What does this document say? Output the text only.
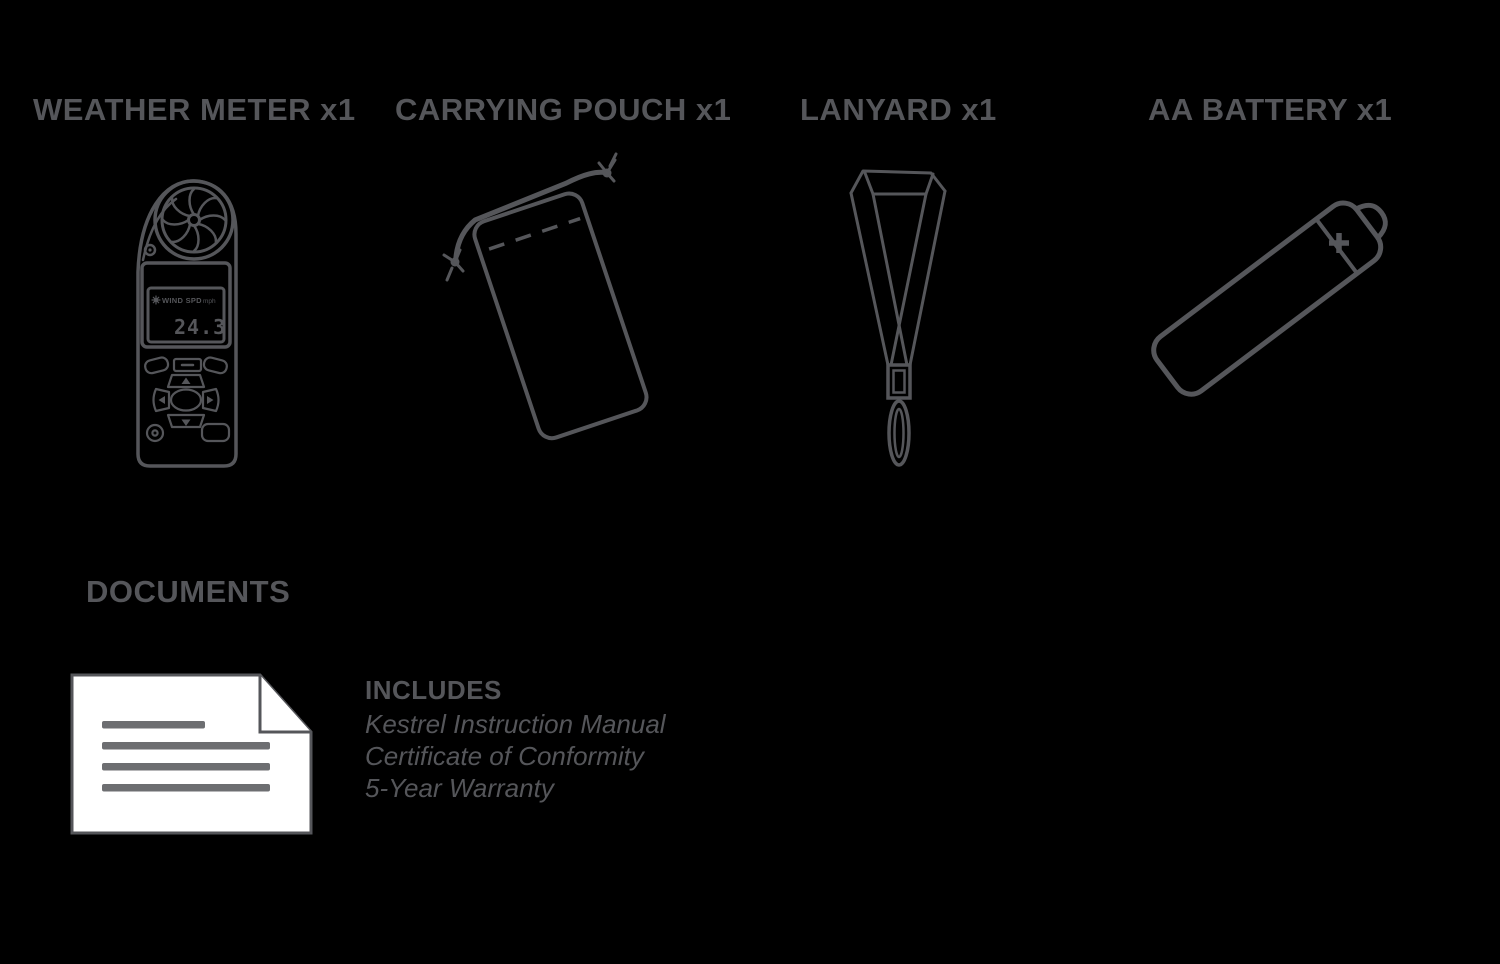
WEATHER METER x1 CARRYING POUCH x1 LANYARD x1	AA BATTERY x1
WIND SPD mph
24.3
DOCUMENTS

INCLUDES

Kestrel Instruction Manual

Certificate of Conformity

5-Year Warranty
